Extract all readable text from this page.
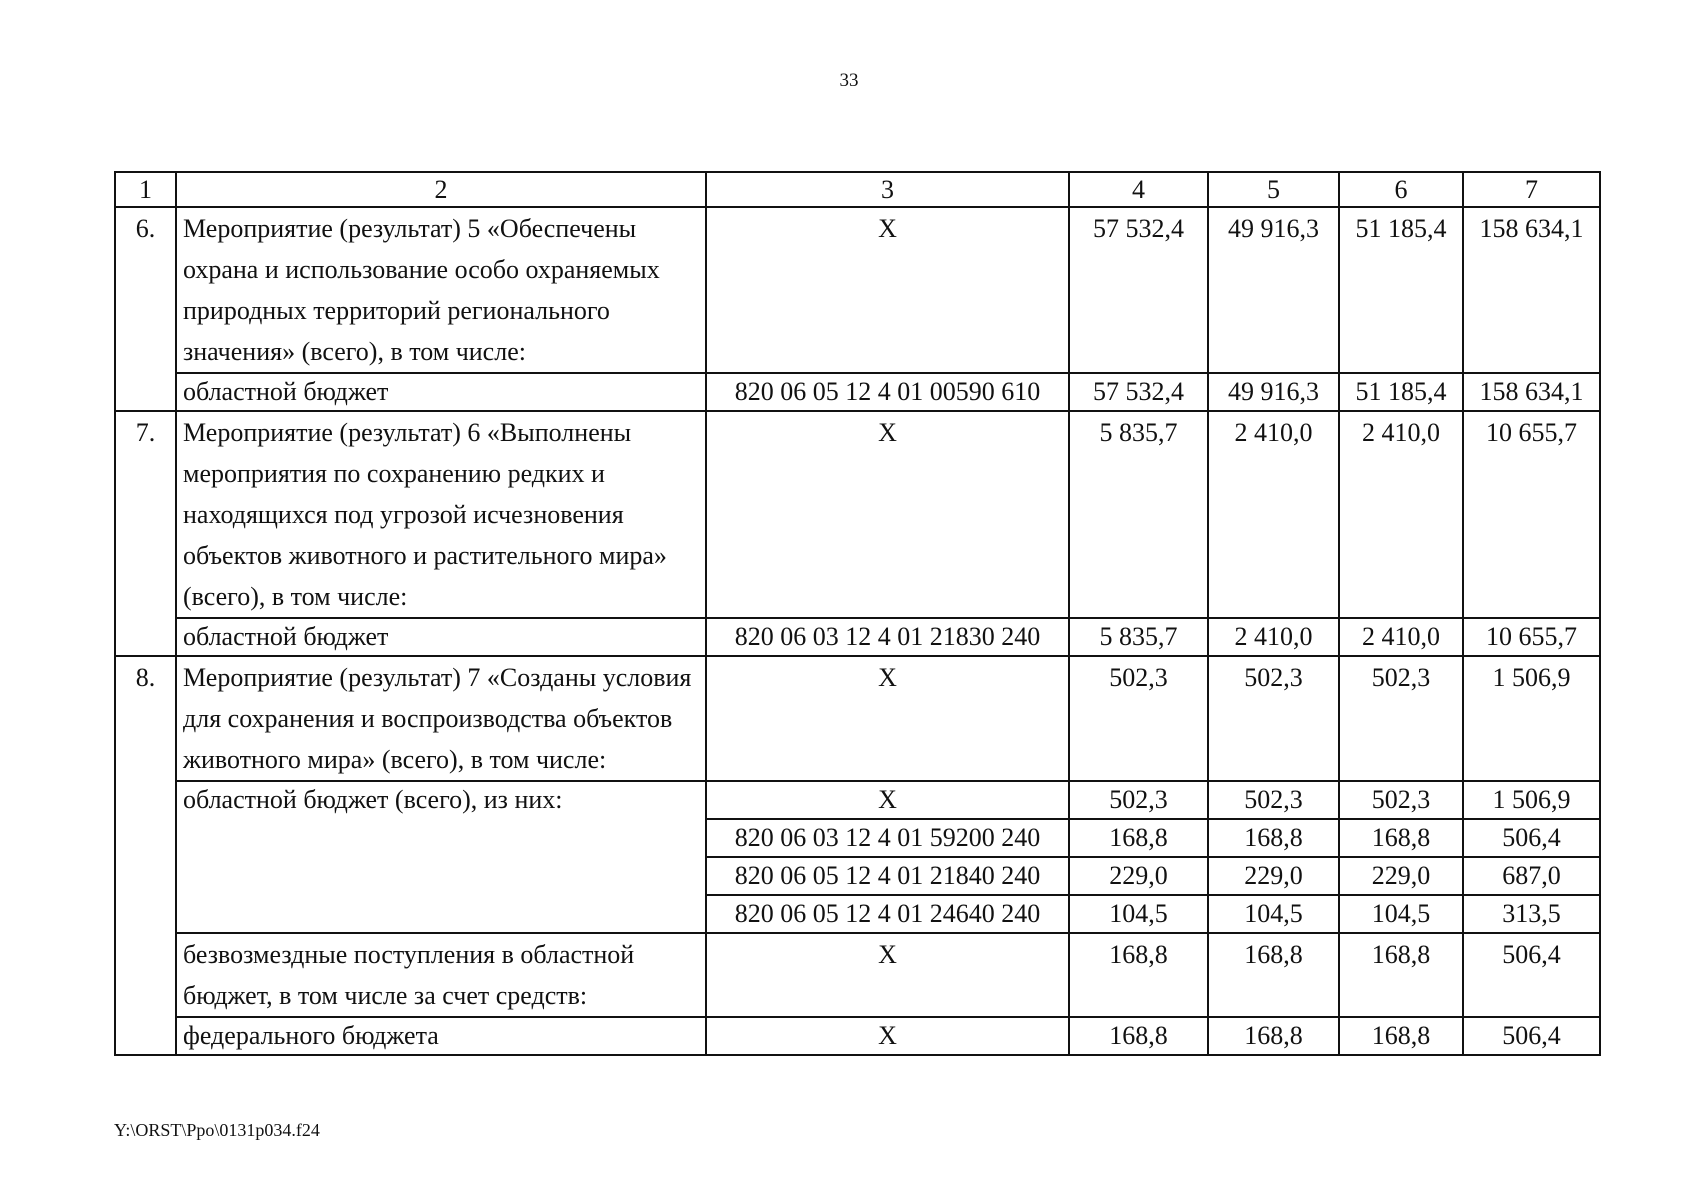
33
1	2	3	4	5	6	7
6.	Мероприятие (результат) 5 «Обеспечены охрана и использование особо охраняемых природных территорий регионального значения» (всего), в том числе:	X	57 532,4	49 916,3	51 185,4	158 634,1
	областной бюджет	820 06 05 12 4 01 00590 610	57 532,4	49 916,3	51 185,4	158 634,1
7.	Мероприятие (результат) 6 «Выполнены мероприятия по сохранению редких и находящихся под угрозой исчезновения объектов животного и растительного мира» (всего), в том числе:	X	5 835,7	2 410,0	2 410,0	10 655,7
	областной бюджет	820 06 03 12 4 01 21830 240	5 835,7	2 410,0	2 410,0	10 655,7
8.	Мероприятие (результат) 7 «Созданы условия для сохранения и воспроизводства объектов животного мира» (всего), в том числе:	X	502,3	502,3	502,3	1 506,9
	областной бюджет (всего), из них:	X	502,3	502,3	502,3	1 506,9
		820 06 03 12 4 01 59200 240	168,8	168,8	168,8	506,4
		820 06 05 12 4 01 21840 240	229,0	229,0	229,0	687,0
		820 06 05 12 4 01 24640 240	104,5	104,5	104,5	313,5
	безвозмездные поступления в областной бюджет, в том числе за счет средств:	X	168,8	168,8	168,8	506,4
	федерального бюджета	X	168,8	168,8	168,8	506,4
Y:\ORST\Ppo\0131p034.f24
